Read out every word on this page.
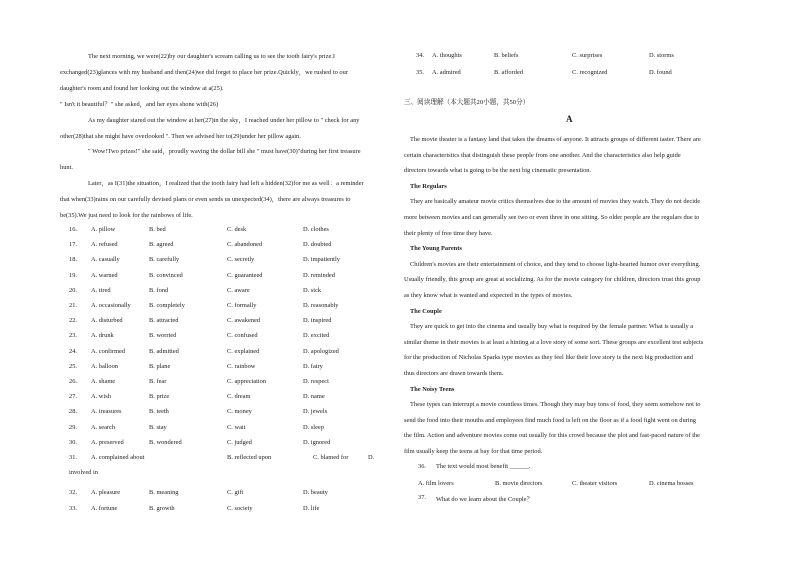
The next morning, we were(22)by our daughter's scream calling us to see the tooth fairy's prize.I
exchanged(23)glances with my husband and then(24)we did forget to place her prize.Quickly，we rushed to our
daughter's room and found her looking out the window at a(25).
" Isn't it beautiful？" she asked，and her eyes shone with(26)
As my daughter stared out the window at her(27)in the sky，I reached under her pillow to " check for any
other(28)that she might have overlooked ". Then we advised her to(29)under her pillow again.
" Wow!Two prizes!" she said，proudly waving the dollar bill she " must have(30)"during her first treasure
hunt.
Later，as I(31)the situation，I realized that the tooth fairy had left a hidden(32)for me as well：a reminder
that when(33)rains on our carefully devised plans or even sends us unexpected(34)，there are always treasures to
be(35).We just need to look for the rainbows of life.
16. A. pillow	B. bed	C. desk	D. clothes
17. A. refused	B. agreed	C. abandoned	D. doubted
18. A. casually	B. carefully	C. secretly	D. impatiently
19. A. warned	B. convinced	C. guaranteed	D. reminded
20. A. tired	B. fond	C. aware	D. sick
21. A. occasionally	B. completely	C. formally	D. reasonably
22. A. disturbed	B. attracted	C. awakened	D. inspired
23. A. drunk	B. worried	C. confused	D. excited
24. A. confirmed	B. admitted	C. explained	D. apologized
25. A. balloon	B. plane	C. rainbow	D. fairy
26. A. shame	B. fear	C. appreciation	D. respect
27. A. wish	B. prize	C. dream	D. name
28. A. treasures	B. teeth	C. money	D. jewels
29. A. search	B. stay	C. wait	D. sleep
30. A. preserved	B. wondered	C. judged	D. ignored
31. A. complained about	B. reflected upon	C. blamed for	D.
involved in
32. A. pleasure	B. meaning	C. gift	D. beauty
33. A. fortune	B. growth	C. society	D. life
34. A. thoughts	B. beliefs	C. surprises	D. storms
35. A. admired	B. afforded	C. recognized	D. found
三、阅读理解（本大题共20小题，共50分）
A
The movie theater is a fantasy land that takes the dreams of anyone. It attracts groups of different taster. There are
certain characteristics that distinguish these people from one another. And the characteristics also help guide
directors towards what is going to be the next big cinematic presentation.
The Regulars
They are basically amateur movie critics themselves due to the amount of movies they watch. They do not decide
more between movies and can generally see two or even three in one sitting. So older people are the regulars due to
their plenty of free time they have.
The Young Parents
Children's movies are their entertainment of choice, and they tend to choose light-hearted humor over everything.
Usually friendly, this group are great at socializing. As for the movie category for children, directors trust this group
as they know what is wanted and expected in the types of movies.
The Couple
They are quick to get into the cinema and usually buy what is required by the female partner. What is usually a
similar theme in their movies is at least a hinting at a love story of some sort. These groups are excellent test subjects
for the production of Nicholas Sparks type movies as they feel like their love story is the next big production and
thus directors are drawn towards them.
The Noisy Teens
These types can interrupt a movie countless times. Though they may buy tons of food, they seem somehow not to
send the food into their mouths and employees find much food is left on the floor as if a food fight went on during
the film. Action and adventure movies come out usually for this crowd because the plot and fast-paced nature of the
film usually keep the teens at bay for that time period.
36. The text would most benefit ______.
A. film lovers	B. movie directors	C. theater visitors	D. cinema bosses
37. What do we learn about the Couple？
